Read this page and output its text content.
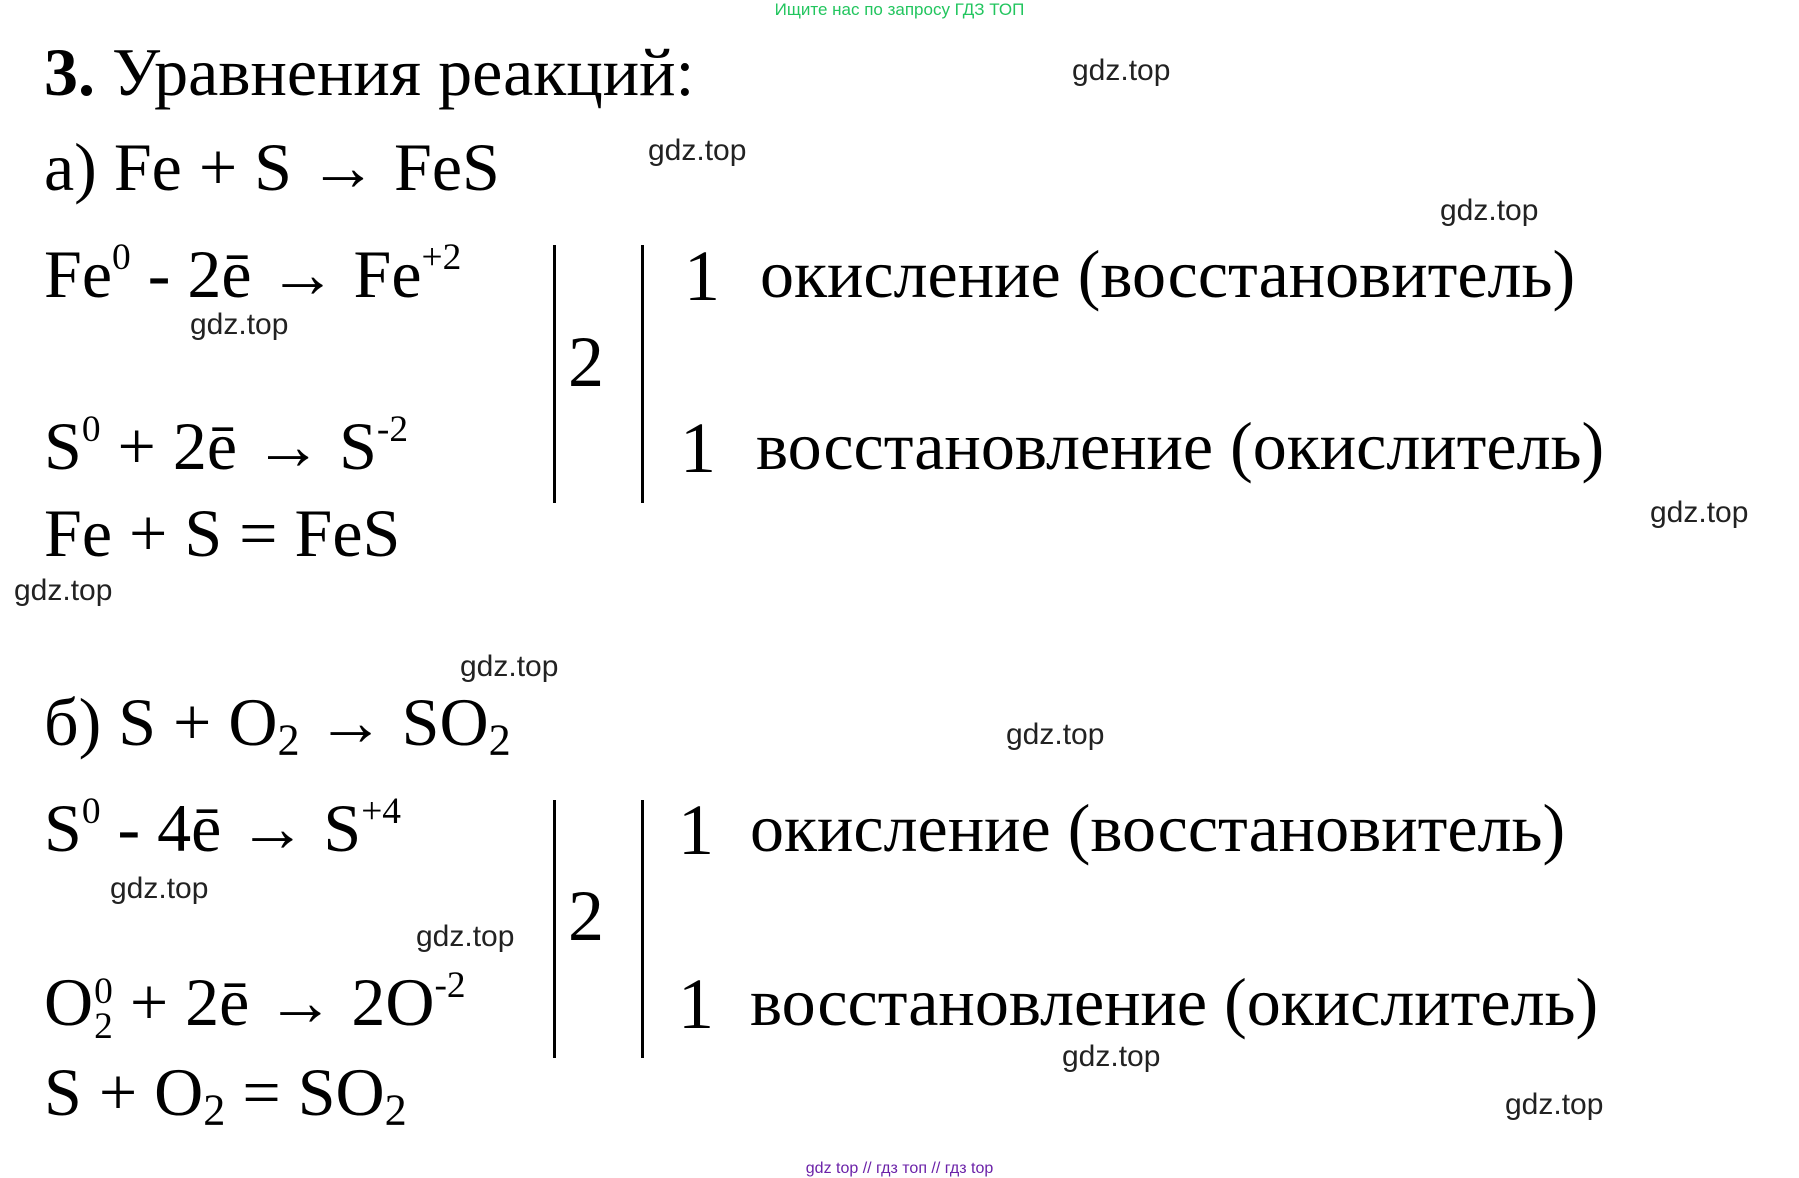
Ищите нас по запросу ГДЗ ТОП
3. Уравнения реакций:
а) Fe + S → FeS
Fe$^0$ - 2ē → $Fe^{+2}$
$S^0$ + 2ē → $S^{-2}$
Fe + S = FeS
2
1 окисление (восстановитель)
1 восстановление (окислитель)
б) $S + O_2 \to SO_2$
$S^0$ - 4ē → $S^{+4}$
O 0
2 + 2ē → $2O^{-2}$
$S + O_2 = SO_2$
2
1 окисление (восстановитель)
1 восстановление (окислитель)
gdz.top
gdz.top
gdz.top
gdz.top
gdz.top
gdz.top
gdz.top
gdz.top
gdz.top
gdz.top
gdz.top
gdz.top
gdz top // гдз топ // гдз top
